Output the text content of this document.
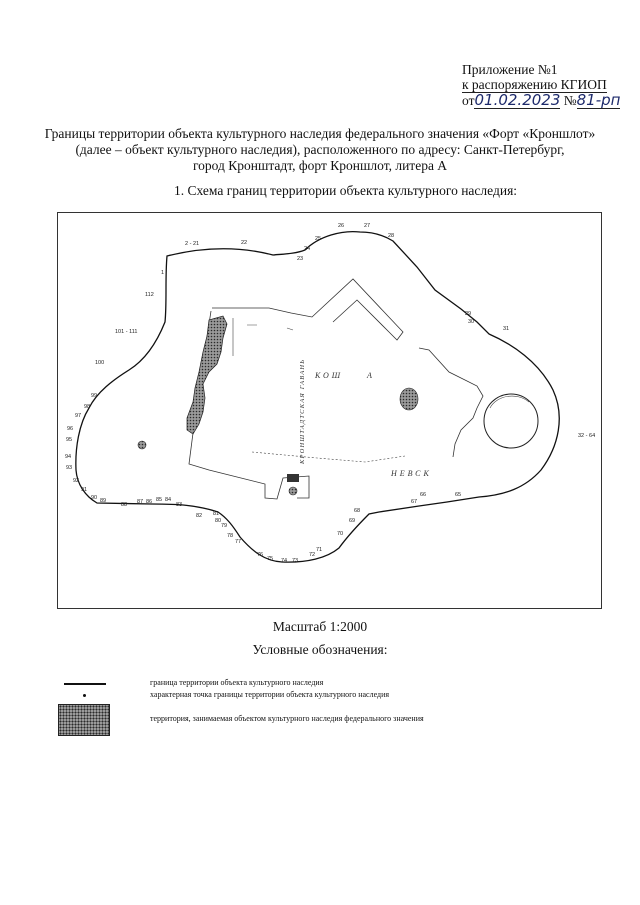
Приложение №1
к распоряжению КГИОП
от01.02.2023 №81-рп
Границы территории объекта культурного наследия федерального значения «Форт «Кроншлот»
(далее – объект культурного наследия), расположенного по адресу: Санкт-Петербург,
город Кронштадт, форт Кроншлот, литера А
1. Схема границ территории объекта культурного наследия:
КОШ	А
КРОНШТАДТСКАЯ ГАВАНЬ
НЕВСК
1
2 - 21	22
23
24
25
26	27
28
29
30
31
32 - 64
65
66
67
68
69
70
71
72
73
74
75
76
77
78
79
80
81
82
83
84
85
86
87
88
89
90
91
92
93
94
95
96
97
98
99
100
101 - 111
112
Масштаб 1:2000
Условные обозначения:
граница территории объекта культурного наследия
характерная точка границы территории объекта культурного наследия
территория, занимаемая объектом культурного наследия федерального значения
